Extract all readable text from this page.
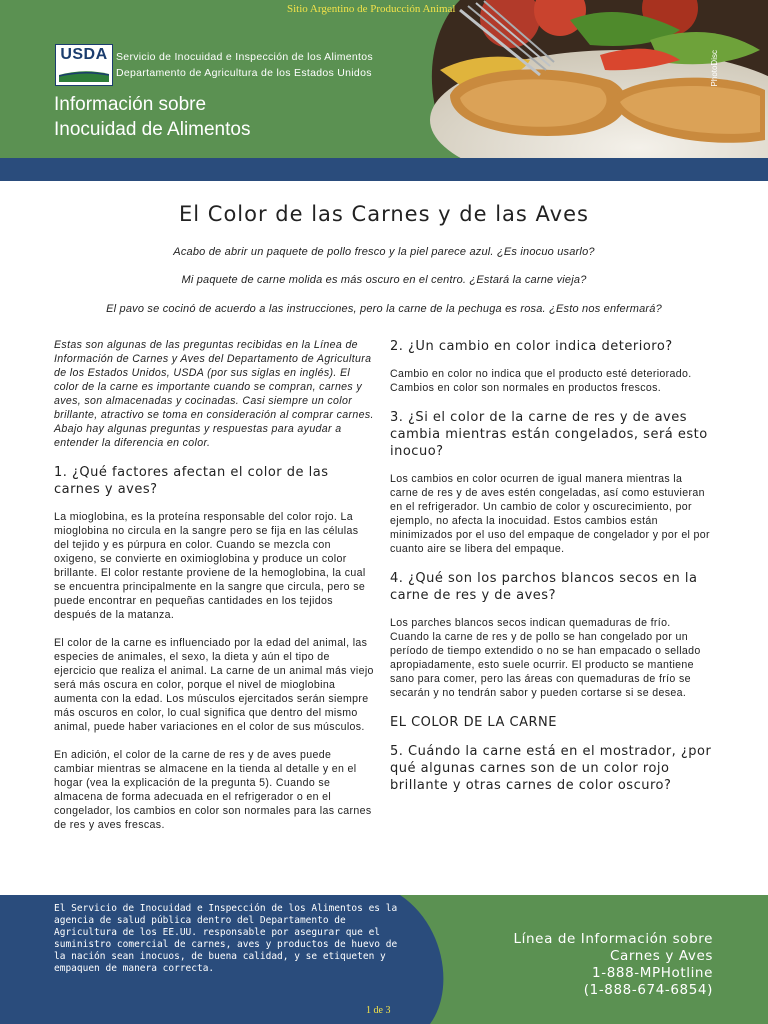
PhotoDisc
Sitio Argentino de Producción Animal
USDA Servicio de Inocuidad e Inspección de los Alimentos
Departamento de Agricultura de los Estados Unidos
Información sobre
Inocuidad de Alimentos
El Color de las Carnes y de las Aves
Acabo de abrir un paquete de pollo fresco y la piel parece azul. ¿Es inocuo usarlo?
Mi paquete de carne molida es más oscuro en el centro. ¿Estará la carne vieja?
El pavo se cocinó de acuerdo a las instrucciones, pero la carne de la pechuga es rosa. ¿Esto nos enfermará?

Estas son algunas de las preguntas recibidas en la Línea de Información de Carnes y Aves del Departamento de Agricultura de los Estados Unidos, USDA (por sus siglas en inglés). El color de la carne es importante cuando se compran, carnes y aves, son almacenadas y cocinadas. Casi siempre un color brillante, atractivo se toma en consideración al comprar carnes. Abajo hay algunas preguntas y respuestas para ayudar a entender la diferencia en color.

1. ¿Qué factores afectan el color de las carnes y aves?

La mioglobina, es la proteína responsable del color rojo. La mioglobina no circula en la sangre pero se fija en las células del tejido y es púrpura en color. Cuando se mezcla con oxigeno, se convierte en oximioglobina y produce un color brillante. El color restante proviene de la hemoglobina, la cual se encuentra principalmente en la sangre que circula, pero se puede encontrar en pequeñas cantidades en los tejidos después de la matanza.

El color de la carne es influenciado por la edad del animal, las especies de animales, el sexo, la dieta y aún el tipo de ejercicio que realiza el animal. La carne de un animal más viejo será más oscura en color, porque el nivel de mioglobina aumenta con la edad. Los músculos ejercitados serán siempre más oscuros en color, lo cual significa que dentro del mismo animal, puede haber variaciones en el color de sus músculos.

En adición, el color de la carne de res y de aves puede cambiar mientras se almacene en la tienda al detalle y en el hogar (vea la explicación de la pregunta 5). Cuando se almacena de forma adecuada en el refrigerador o en el congelador, los cambios en color son normales para las carnes de res y aves frescas.

2. ¿Un cambio en color indica deterioro?

Cambio en color no indica que el producto esté deteriorado. Cambios en color son normales en productos frescos.

3. ¿Si el color de la carne de res y de aves cambia mientras están congelados, será esto inocuo?

Los cambios en color ocurren de igual manera mientras la carne de res y de aves estén congeladas, así como estuvieran en el refrigerador. Un cambio de color y oscurecimiento, por ejemplo, no afecta la inocuidad. Estos cambios están minimizados por el uso del empaque de congelador y por el por cuanto aire se libera del empaque.

4. ¿Qué son los parchos blancos secos en la carne de res y de aves?

Los parches blancos secos indican quemaduras de frío. Cuando la carne de res y de pollo se han congelado por un período de tiempo extendido o no se han empacado o sellado apropiadamente, esto suele ocurrir. El producto se mantiene sano para comer, pero las áreas con quemaduras de frío se secarán y no tendrán sabor y pueden cortarse si se desea.

EL COLOR DE LA CARNE
5. Cuándo la carne está en el mostrador, ¿por qué algunas carnes son de un color rojo brillante y otras carnes de color oscuro?
El Servicio de Inocuidad e Inspección de los Alimentos es la agencia de salud pública dentro del Departamento de Agricultura de los EE.UU. responsable por asegurar que el suministro comercial de carnes, aves y productos de huevo de la nación sean inocuos, de buena calidad, y se etiqueten y empaquen de manera correcta.
Línea de Información sobre
Carnes y Aves
1-888-MPHotline
(1-888-674-6854)
1 de 3
